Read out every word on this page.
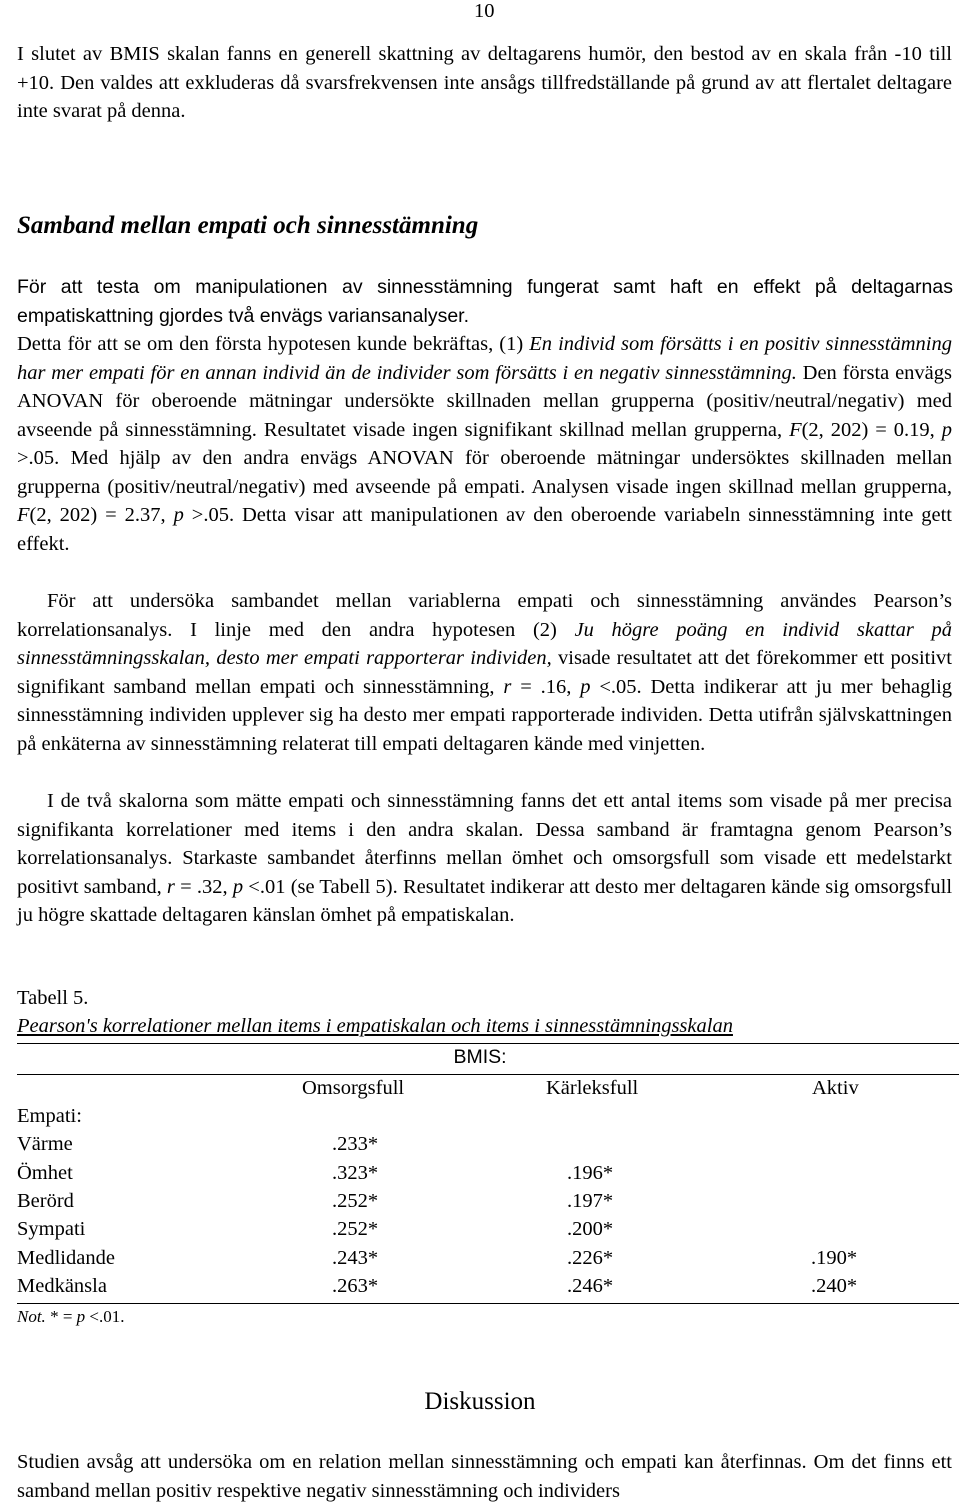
10

I slutet av BMIS skalan fanns en generell skattning av deltagarens humör, den bestod av en skala från -10 till +10. Den valdes att exkluderas då svarsfrekvensen inte ansågs tillfredställande på grund av att flertalet deltagare inte svarat på denna.

Samband mellan empati och sinnesstämning

För att testa om manipulationen av sinnesstämning fungerat samt haft en effekt på deltagarnas empatiskattning gjordes två envägs variansanalyser.

Detta för att se om den första hypotesen kunde bekräftas, (1) En individ som försätts i en positiv sinnesstämning har mer empati för en annan individ än de individer som försätts i en negativ sinnesstämning. Den första envägs ANOVAN för oberoende mätningar undersökte skillnaden mellan grupperna (positiv/neutral/negativ) med avseende på sinnesstämning. Resultatet visade ingen signifikant skillnad mellan grupperna, F(2, 202) = 0.19, p >.05. Med hjälp av den andra envägs ANOVAN för oberoende mätningar undersöktes skillnaden mellan grupperna (positiv/neutral/negativ) med avseende på empati. Analysen visade ingen skillnad mellan grupperna, F(2, 202) = 2.37, p >.05. Detta visar att manipulationen av den oberoende variabeln sinnesstämning inte gett effekt.

För att undersöka sambandet mellan variablerna empati och sinnesstämning användes Pearson’s korrelationsanalys. I linje med den andra hypotesen (2) Ju högre poäng en individ skattar på sinnesstämningsskalan, desto mer empati rapporterar individen, visade resultatet att det förekommer ett positivt signifikant samband mellan empati och sinnesstämning, r = .16, p <.05. Detta indikerar att ju mer behaglig sinnesstämning individen upplever sig ha desto mer empati rapporterade individen. Detta utifrån självskattningen på enkäterna av sinnesstämning relaterat till empati deltagaren kände med vinjetten.

I de två skalorna som mätte empati och sinnesstämning fanns det ett antal items som visade på mer precisa signifikanta korrelationer med items i den andra skalan. Dessa samband är framtagna genom Pearson’s korrelationsanalys. Starkaste sambandet återfinns mellan ömhet och omsorgsfull som visade ett medelstarkt positivt samband, r = .32, p <.01 (se Tabell 5). Resultatet indikerar att desto mer deltagaren kände sig omsorgsfull ju högre skattade deltagaren känslan ömhet på empatiskalan.

Tabell 5.
Pearson's korrelationer mellan items i empatiskalan och items i sinnesstämningsskalan
BMIS:
Omsorgsfull	Kärleksfull	Aktiv
Empati:
Värme	.233*
Ömhet	.323*	.196*
Berörd	.252*	.197*
Sympati	.252*	.200*
Medlidande	.243*	.226*	.190*
Medkänsla	.263*	.246*	.240*
Not. * = p <.01.
Diskussion

Studien avsåg att undersöka om en relation mellan sinnesstämning och empati kan återfinnas. Om det finns ett samband mellan positiv respektive negativ sinnesstämning och individers
